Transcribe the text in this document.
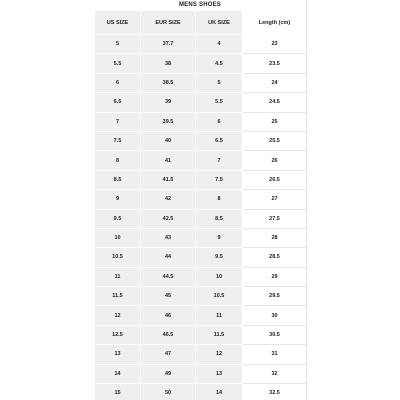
MENS SHOES
US SIZE	EUR SIZE	UK SIZE	Length (cm)
5	37.7	4	23
5.5	38	4.5	23.5
6	38.5	5	24
6.5	39	5.5	24.5
7	39.5	6	25
7.5	40	6.5	25.5
8	41	7	26
8.5	41.5	7.5	26.5
9	42	8	27
9.5	42.5	8.5	27.5
10	43	9	28
10.5	44	9.5	28.5
11	44.5	10	29
11.5	45	10.5	29.5
12	46	11	30
12.5	46.5	11.5	30.5
13	47	12	31
14	49	13	32
15	50	14	32.5
